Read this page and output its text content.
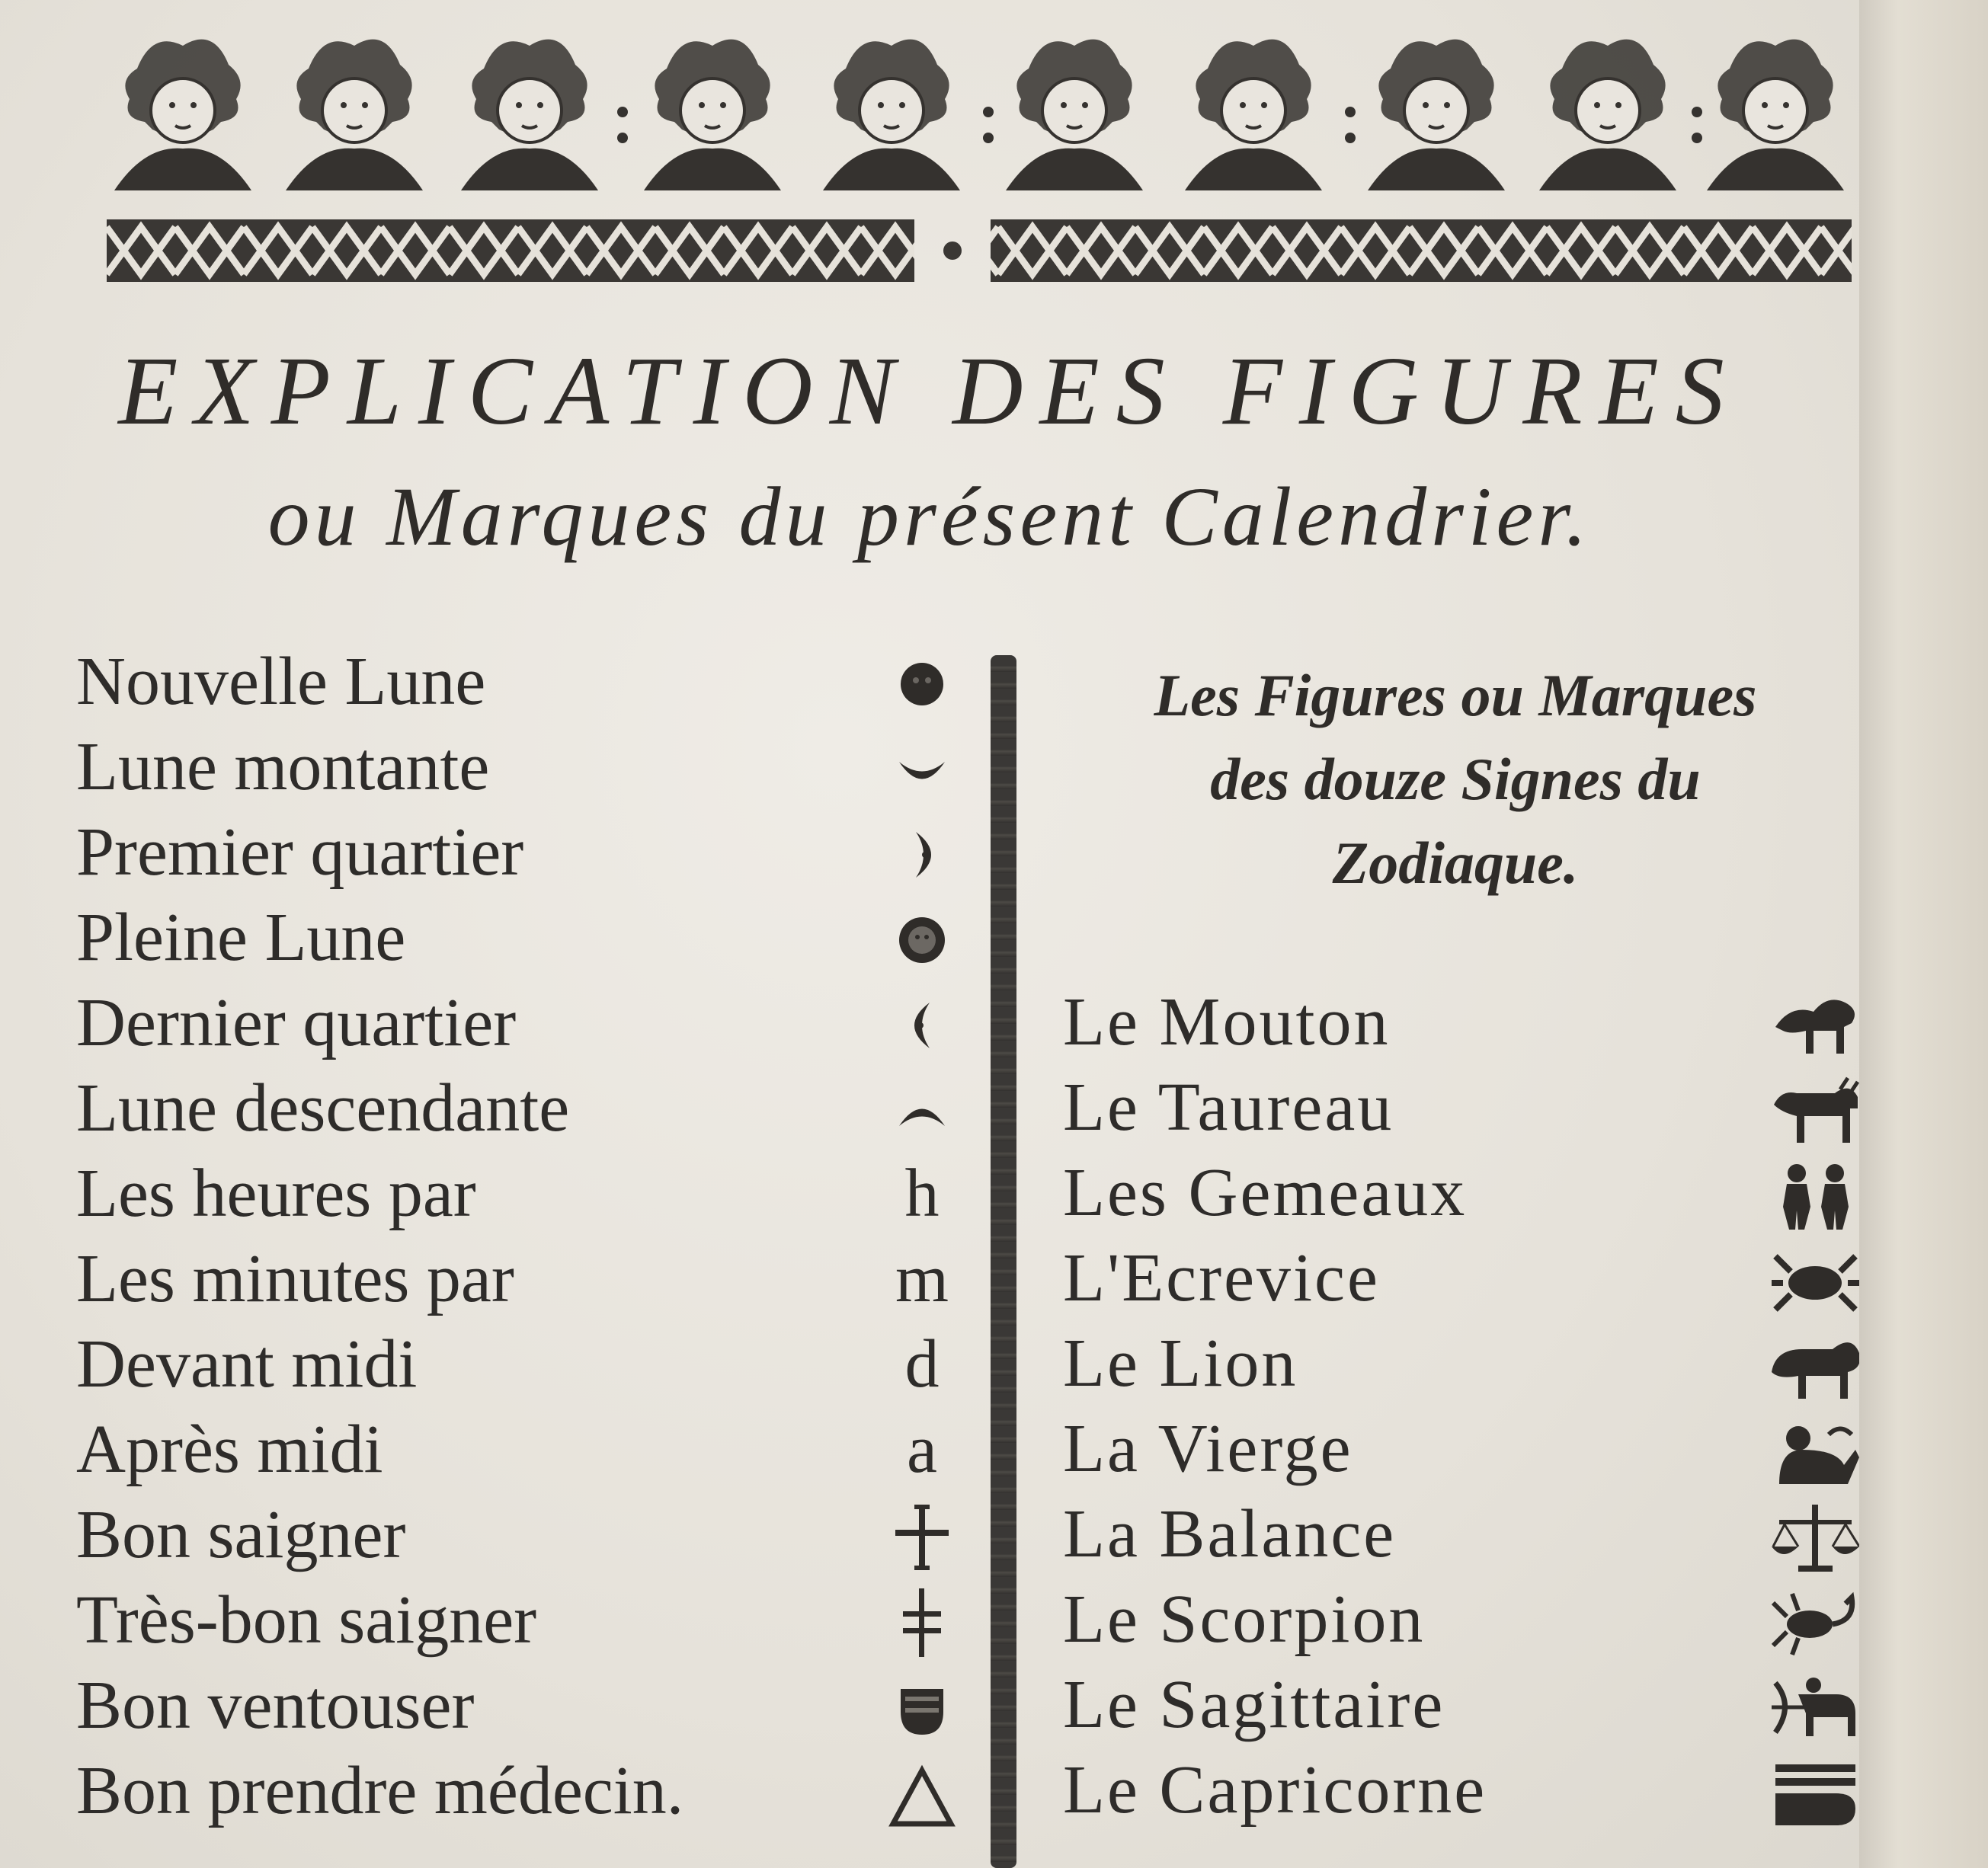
EXPLICATION DES FIGURES
ou Marques du présent Calendrier.
Nouvelle Lune
Lune montante
Premier quartier
Pleine Lune
Dernier quartier
Lune descendante
Les heures par	h
Les minutes par	m
Devant midi	d
Après midi	a
Bon saigner
Très-bon saigner
Bon ventouser
Bon prendre médecin.
Les Figures ou Marques
des douze Signes du
Zodiaque.
Le Mouton
Le Taureau
Les Gemeaux
L'Ecrevice
Le Lion
La Vierge
La Balance
Le Scorpion
Le Sagittaire
Le Capricorne
